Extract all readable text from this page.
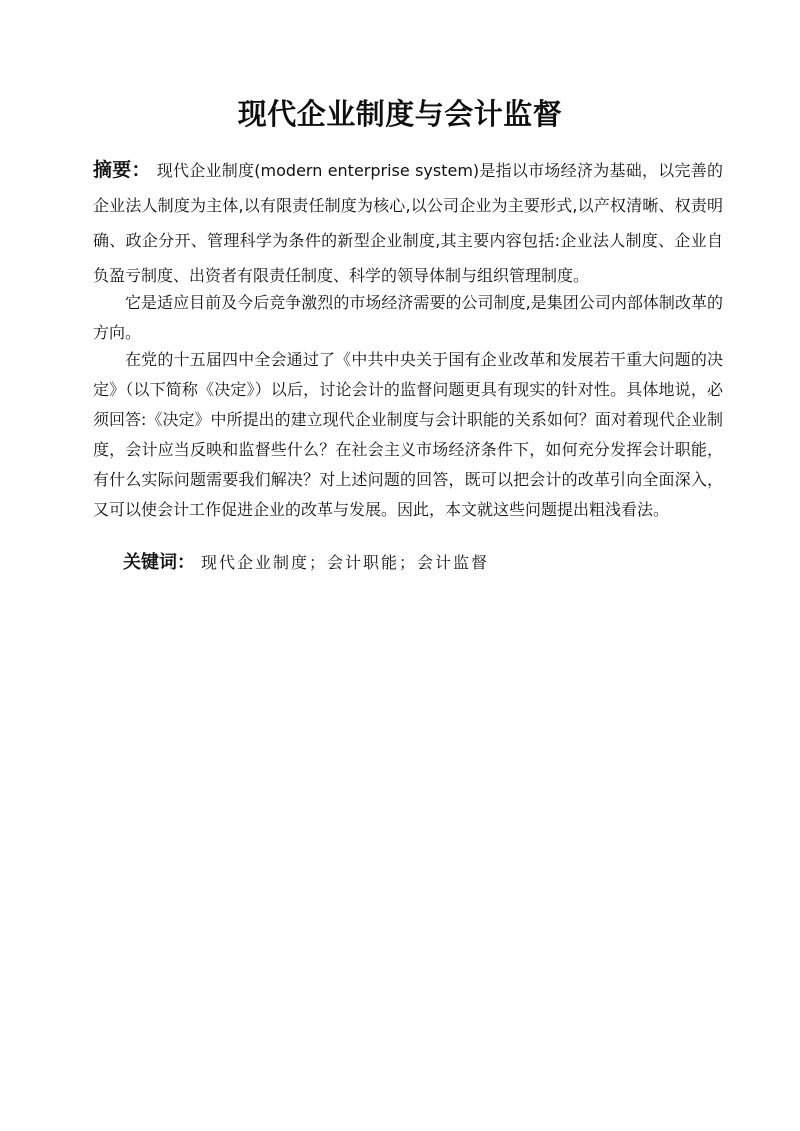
现代企业制度与会计监督
摘要： 现代企业制度(modern enterprise system)是指以市场经济为基础，以完善的企业法人制度为主体,以有限责任制度为核心,以公司企业为主要形式,以产权清晰、权责明确、政企分开、管理科学为条件的新型企业制度,其主要内容包括:企业法人制度、企业自负盈亏制度、出资者有限责任制度、科学的领导体制与组织管理制度。
它是适应目前及今后竞争激烈的市场经济需要的公司制度,是集团公司内部体制改革的方向。
在党的十五届四中全会通过了《中共中央关于国有企业改革和发展若干重大问题的决定》（以下简称《决定》）以后，讨论会计的监督问题更具有现实的针对性。具体地说，必须回答:《决定》中所提出的建立现代企业制度与会计职能的关系如何？面对着现代企业制度，会计应当反映和监督些什么？在社会主义市场经济条件下，如何充分发挥会计职能，有什么实际问题需要我们解决？对上述问题的回答，既可以把会计的改革引向全面深入，又可以使会计工作促进企业的改革与发展。因此，本文就这些问题提出粗浅看法。
关键词： 现代企业制度；会计职能；会计监督
